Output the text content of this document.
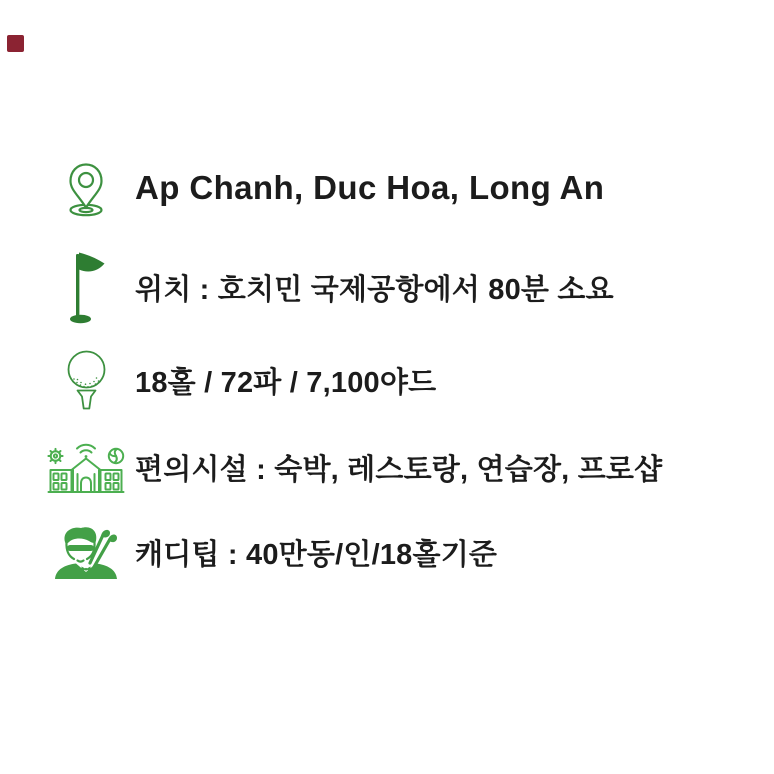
Ap Chanh, Duc Hoa, Long An
위치 : 호치민 국제공항에서 80분 소요
18홀 / 72파 / 7,100야드
편의시설 : 숙박, 레스토랑, 연습장, 프로샵
캐디팁 : 40만동/인/18홀기준
